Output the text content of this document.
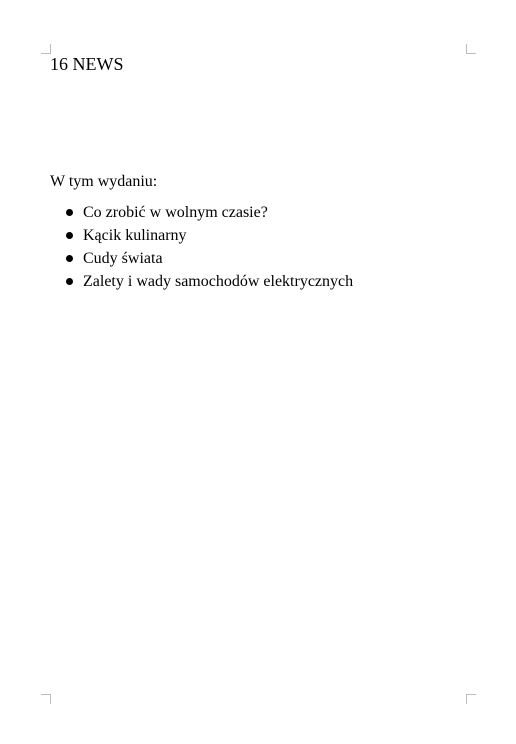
16 NEWS

W tym wydaniu:

Co zrobić w wolnym czasie?
Kącik kulinarny
Cudy świata
Zalety i wady samochodów elektrycznych
